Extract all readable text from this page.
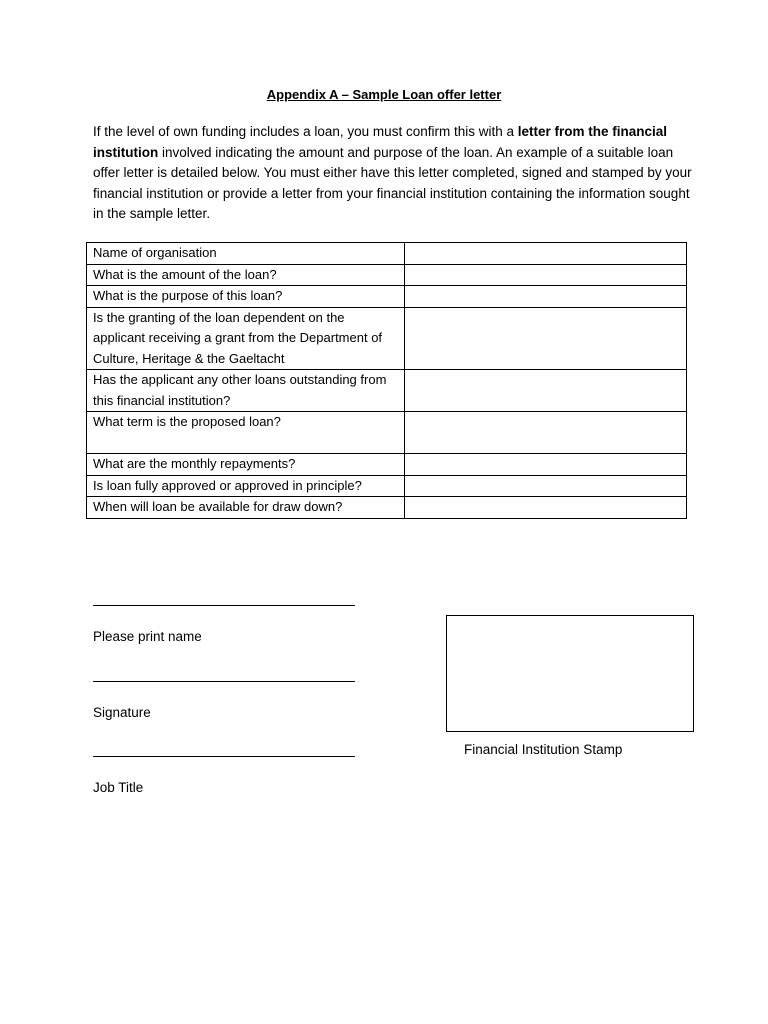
Appendix A – Sample Loan offer letter
If the level of own funding includes a loan, you must confirm this with a letter from the financial institution involved indicating the amount and purpose of the loan. An example of a suitable loan offer letter is detailed below. You must either have this letter completed, signed and stamped by your financial institution or provide a letter from your financial institution containing the information sought in the sample letter.
Name of organisation	
What is the amount of the loan?	
What is the purpose of this loan?	
Is the granting of the loan dependent on the applicant receiving a grant from the Department of Culture, Heritage & the Gaeltacht	
Has the applicant any other loans outstanding from this financial institution?	
What term is the proposed loan?	
What are the monthly repayments?	
Is loan fully approved or approved in principle?	
When will loan be available for draw down?	
Please print name
Signature
Job Title
Financial Institution Stamp
